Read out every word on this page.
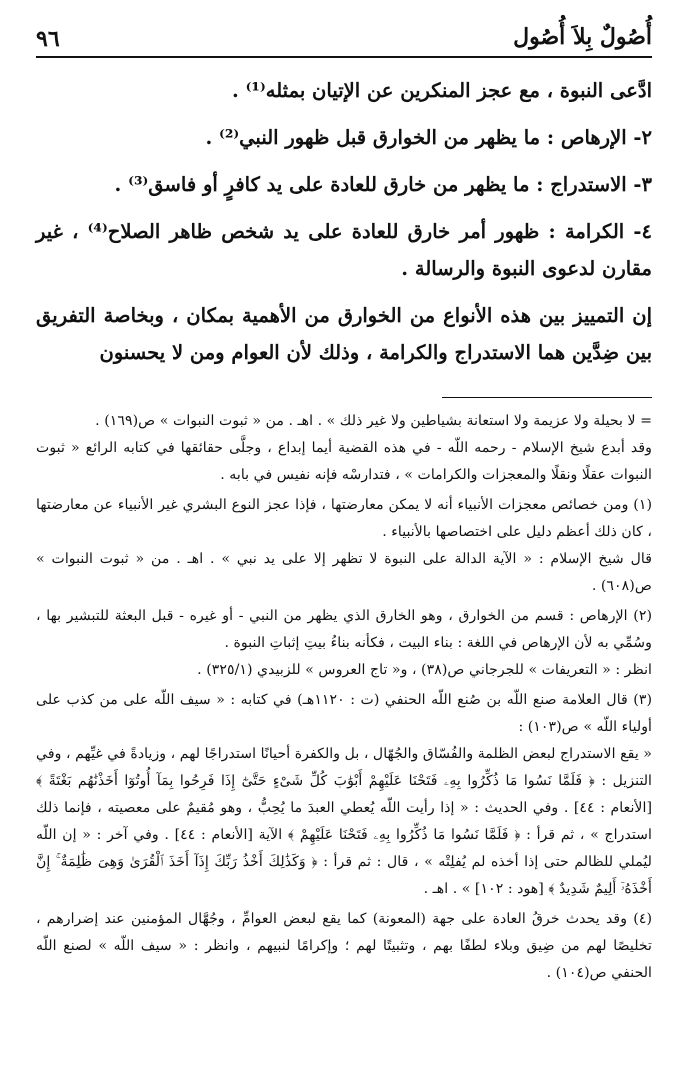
أُصُولٌ بِلاَ أُصُول
٩٦

ادَّعى النبوة ، مع عجز المنكرين عن الإتيان بمثله⁽¹⁾ .

٢- الإرهاص : ما يظهر من الخوارق قبل ظهور النبي⁽²⁾ .

٣- الاستدراج : ما يظهر من خارق للعادة على يد كافرٍ أو فاسق⁽³⁾ .

٤- الكرامة : ظهور أمر خارق للعادة على يد شخص ظاهر الصلاح⁽⁴⁾ ، غير مقارن لدعوى النبوة والرسالة .

إن التمييز بين هذه الأنواع من الخوارق من الأهمية بمكان ، وبخاصة التفريق بين ضِدَّين هما الاستدراج والكرامة ، وذلك لأن العوام ومن لا يحسنون

= لا بحيلة ولا عزيمة ولا استعانة بشياطين ولا غير ذلك » . اهـ . من « ثبوت النبوات » ص(١٦٩) .

وقد أبدع شيخ الإسلام - رحمه اللّه - في هذه القضية أيما إبداع ، وجلَّى حقائقها في كتابه الرائع « ثبوت النبوات عقلًا ونقلًا والمعجزات والكرامات » ، فتدارسْه فإنه نفيس في بابه .

(١) ومن خصائص معجزات الأنبياء أنه لا يمكن معارضتها ، فإذا عجز النوع البشري غير الأنبياء عن معارضتها ، كان ذلك أعظم دليل على اختصاصها بالأنبياء .

قال شيخ الإسلام : « الآية الدالة على النبوة لا تظهر إلا على يد نبي » . اهـ . من « ثبوت النبوات » ص(٦٠٨) .

(٢) الإرهاص : قسم من الخوارق ، وهو الخارق الذي يظهر من النبي - أو غيره - قبل البعثة للتبشير بها ، وسُمِّي به لأن الإرهاص في اللغة : بناء البيت ، فكأنه بناءُ بيتِ إثباتِ النبوة .

انظر : « التعريفات » للجرجاني ص(٣٨) ، و« تاج العروس » للزبيدي (٣٢٥/١) .

(٣) قال العلامة صنع اللّه بن صُنع اللّه الحنفي (ت : ١١٢٠هـ) في كتابه : « سيف اللّه على من كذب على أولياء اللّه » ص(١٠٣) :

« يقع الاستدراج لبعض الظلمة والفُسّاق والجُهّال ، بل والكفرة أحيانًا استدراجًا لهم ، وزيادةً في غيِّهم ، وفي التنزيل : ﴿ فَلَمَّا نَسُوا مَا ذُكِّرُوا بِهِۦ فَتَحْنَا عَلَيْهِمْ أَبْوَٰبَ كُلِّ شَىْءٍ حَتَّىٰٓ إِذَا فَرِحُوا بِمَآ أُوتُوٓا أَخَذْنَٰهُم بَغْتَةً ﴾ [الأنعام : ٤٤] . وفي الحديث : « إذا رأيت اللّه يُعطي العبدَ ما يُحِبُّ ، وهو مُقيمٌ على معصيته ، فإنما ذلك استدراج » ، ثم قرأ : ﴿ فَلَمَّا نَسُوا مَا ذُكِّرُوا بِهِۦ فَتَحْنَا عَلَيْهِمْ ﴾ الآية [الأنعام : ٤٤] . وفي آخر : « إن اللّه ليُملي للظالم حتى إذا أخذه لم يُفلِتْه » ، قال : ثم قرأ : ﴿ وَكَذَٰلِكَ أَخْذُ رَبِّكَ إِذَآ أَخَذَ ٱلْقُرَىٰ وَهِىَ ظَٰلِمَةٌ ۚ إِنَّ أَخْذَهُۥٓ أَلِيمٌ شَدِيدٌ ﴾ [هود : ١٠٢] » . اهـ .

(٤) وقد يحدث خرقُ العادة على جهة (المعونة) كما يقع لبعض العوامِّ ، وجُهَّال المؤمنين عند إضرارهم ، تخليصًا لهم من ضِيق وبلاء لطفًا بهم ، وتثبيتًا لهم ؛ وإكرامًا لنبيهم ، وانظر : « سيف اللّه » لصنع اللّه الحنفي ص(١٠٤) .
